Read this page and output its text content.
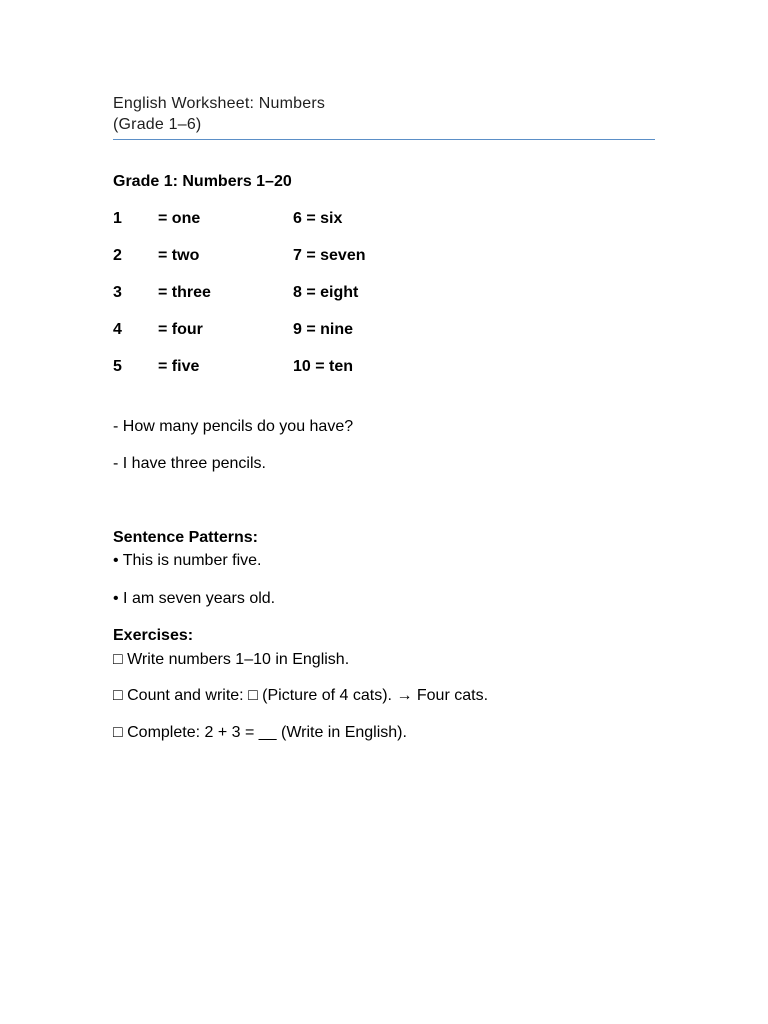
English Worksheet: Numbers
(Grade 1–6)
Grade 1: Numbers 1–20
1 = one	6 = six
2 = two	7 = seven
3 = three	8 = eight
4 = four	9 = nine
5 = five	10 = ten
- How many pencils do you have?
- I have three pencils.
Sentence Patterns:
• This is number five.
• I am seven years old.
Exercises:
□ Write numbers 1–10 in English.
□ Count and write: □ (Picture of 4 cats). → Four cats.
□ Complete: 2 + 3 = __ (Write in English).
